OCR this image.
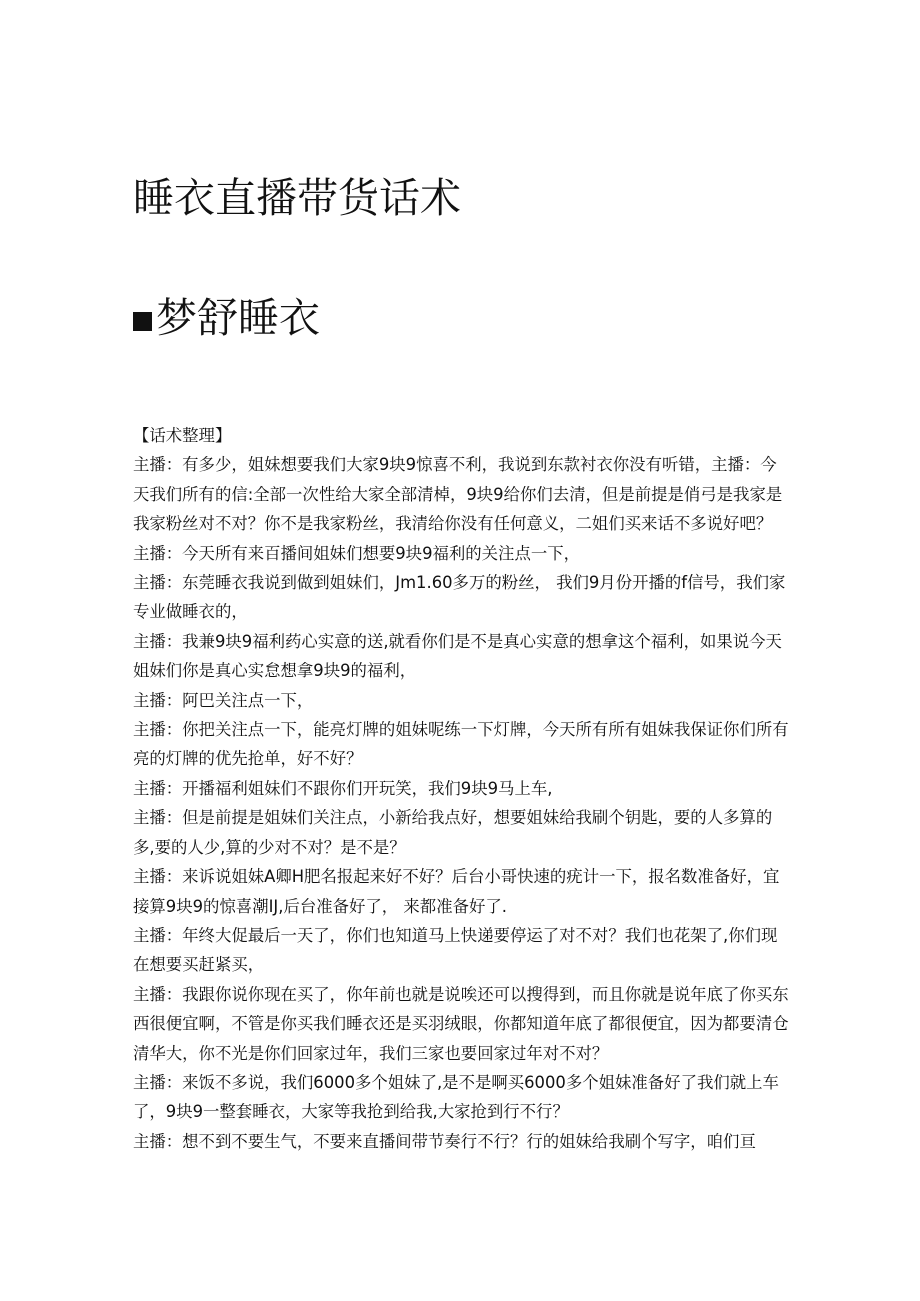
睡衣直播带货话术
梦舒睡衣

【话术整理】

主播：有多少，姐妹想要我们大家9块9惊喜不利，我说到东款衬衣你没有听错，主播：今天我们所有的信:全部一次性给大家全部清棹，9块9给你们去清，但是前提是俏弓是我家是我家粉丝对不对？你不是我家粉丝，我清给你没有任何意义，二姐们买来话不多说好吧？

主播：今天所有来百播间姐妹们想要9块9福利的关注点一下，

主播：东莞睡衣我说到做到姐妹们，Jm1.60多万的粉丝， 我们9月份开播的f信号，我们家专业做睡衣的，

主播：我兼9块9福利药心实意的送,就看你们是不是真心实意的想拿这个福利，如果说今天姐妹们你是真心实怠想拿9块9的福利，

主播：阿巴关注点一下，

主播：你把关注点一下，能亮灯牌的姐妹呢练一下灯牌，今天所有所有姐妹我保证你们所有亮的灯牌的优先抢单，好不好？

主播：开播福利姐妹们不跟你们开玩笑，我们9块9马上车,

主播：但是前提是姐妹们关注点，小新给我点好，想要姐妹给我刷个钥匙，要的人多算的多,要的人少,算的少对不对？是不是？

主播：来诉说姐妹A卿H肥名报起来好不好？后台小哥快速的疣计一下，报名数准备好，宜接算9块9的惊喜潮IJ,后台准备好了， 来都准备好了.

主播：年终大促最后一天了，你们也知道马上快递要停运了对不对？我们也花架了,你们现在想要买赶紧买，

主播：我跟你说你现在买了，你年前也就是说唉还可以搜得到，而且你就是说年底了你买东西很便宜啊，不管是你买我们睡衣还是买羽绒眼，你都知道年底了都很便宜，因为都要清仓清华大，你不光是你们回家过年，我们三家也要回家过年对不对？

主播：来饭不多说，我们6000多个姐妹了,是不是啊买6000多个姐妹准备好了我们就上车了，9块9一整套睡衣，大家等我抢到给我,大家抢到行不行？

主播：想不到不要生气，不要来直播间带节奏行不行？行的姐妹给我刷个写字，咱们亘
